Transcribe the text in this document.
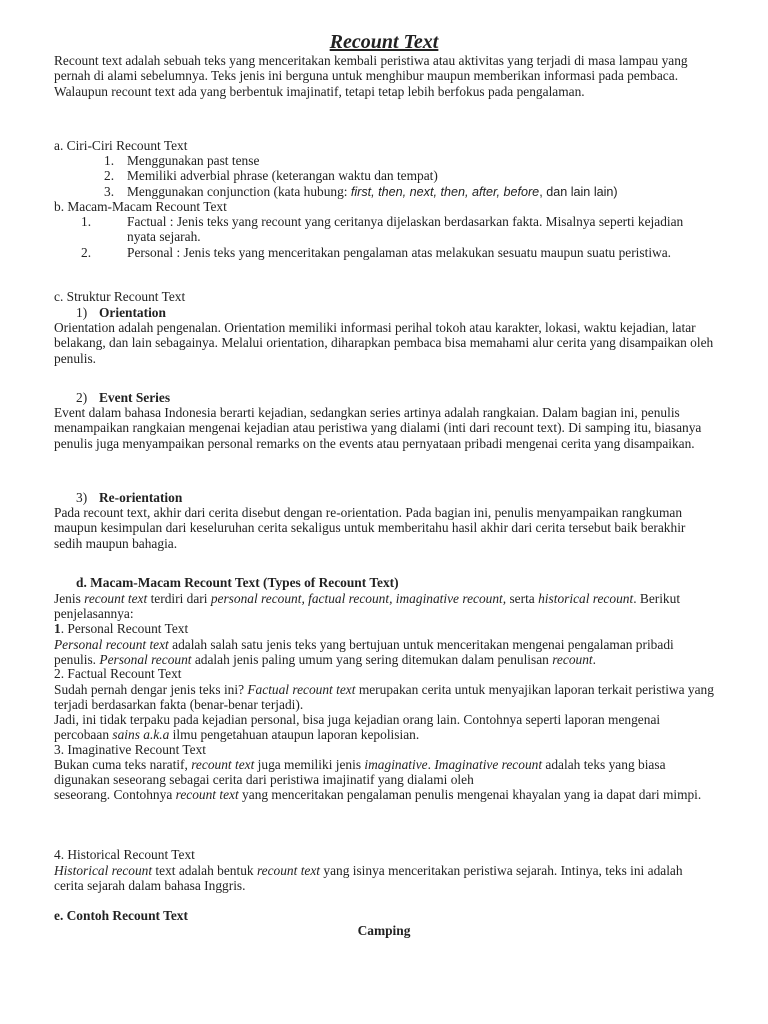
Recount Text

Recount text adalah sebuah teks yang menceritakan kembali peristiwa atau aktivitas yang terjadi di masa lampau yang pernah di alami sebelumnya. Teks jenis ini berguna untuk menghibur maupun memberikan informasi pada pembaca. Walaupun recount text ada yang berbentuk imajinatif, tetapi tetap lebih berfokus pada pengalaman.

a. Ciri-Ciri Recount Text

1. Menggunakan past tense

2. Memiliki adverbial phrase (keterangan waktu dan tempat)

3. Menggunakan conjunction (kata hubung: first, then, next, then, after, before, dan lain lain)

b. Macam-Macam Recount Text

1.	Factual : Jenis teks yang recount yang ceritanya dijelaskan berdasarkan fakta. Misalnya seperti kejadian nyata sejarah.

2.	Personal : Jenis teks yang menceritakan pengalaman atas melakukan sesuatu maupun suatu peristiwa.

c. Struktur Recount Text
1) Orientation

Orientation adalah pengenalan. Orientation memiliki informasi perihal tokoh atau karakter, lokasi, waktu kejadian, latar belakang, dan lain sebagainya. Melalui orientation, diharapkan pembaca bisa memahami alur cerita yang disampaikan oleh penulis.

2) Event Series

Event dalam bahasa Indonesia berarti kejadian, sedangkan series artinya adalah rangkaian. Dalam bagian ini, penulis menampaikan rangkaian mengenai kejadian atau peristiwa yang dialami (inti dari recount text). Di samping itu, biasanya penulis juga menyampaikan personal remarks on the events atau pernyataan pribadi mengenai cerita yang disampaikan.

3) Re-orientation

Pada recount text, akhir dari cerita disebut dengan re-orientation. Pada bagian ini, penulis menyampaikan rangkuman maupun kesimpulan dari keseluruhan cerita sekaligus untuk memberitahu hasil akhir dari cerita tersebut baik berakhir sedih maupun bahagia.

d. Macam-Macam Recount Text (Types of Recount Text)

Jenis recount text terdiri dari personal recount, factual recount, imaginative recount, serta historical recount. Berikut penjelasannya:

1. Personal Recount Text

Personal recount text adalah salah satu jenis teks yang bertujuan untuk menceritakan mengenai pengalaman pribadi penulis. Personal recount adalah jenis paling umum yang sering ditemukan dalam penulisan recount.

2. Factual Recount Text

Sudah pernah dengar jenis teks ini? Factual recount text merupakan cerita untuk menyajikan laporan terkait peristiwa yang terjadi berdasarkan fakta (benar-benar terjadi).

Jadi, ini tidak terpaku pada kejadian personal, bisa juga kejadian orang lain. Contohnya seperti laporan mengenai percobaan sains a.k.a ilmu pengetahuan ataupun laporan kepolisian.

3. Imaginative Recount Text

Bukan cuma teks naratif, recount text juga memiliki jenis imaginative. Imaginative recount adalah teks yang biasa digunakan seseorang sebagai cerita dari peristiwa imajinatif yang dialami oleh

seseorang. Contohnya recount text yang menceritakan pengalaman penulis mengenai khayalan yang ia dapat dari mimpi.

4. Historical Recount Text

Historical recount text adalah bentuk recount text yang isinya menceritakan peristiwa sejarah. Intinya, teks ini adalah cerita sejarah dalam bahasa Inggris.

e. Contoh Recount Text
Camping
